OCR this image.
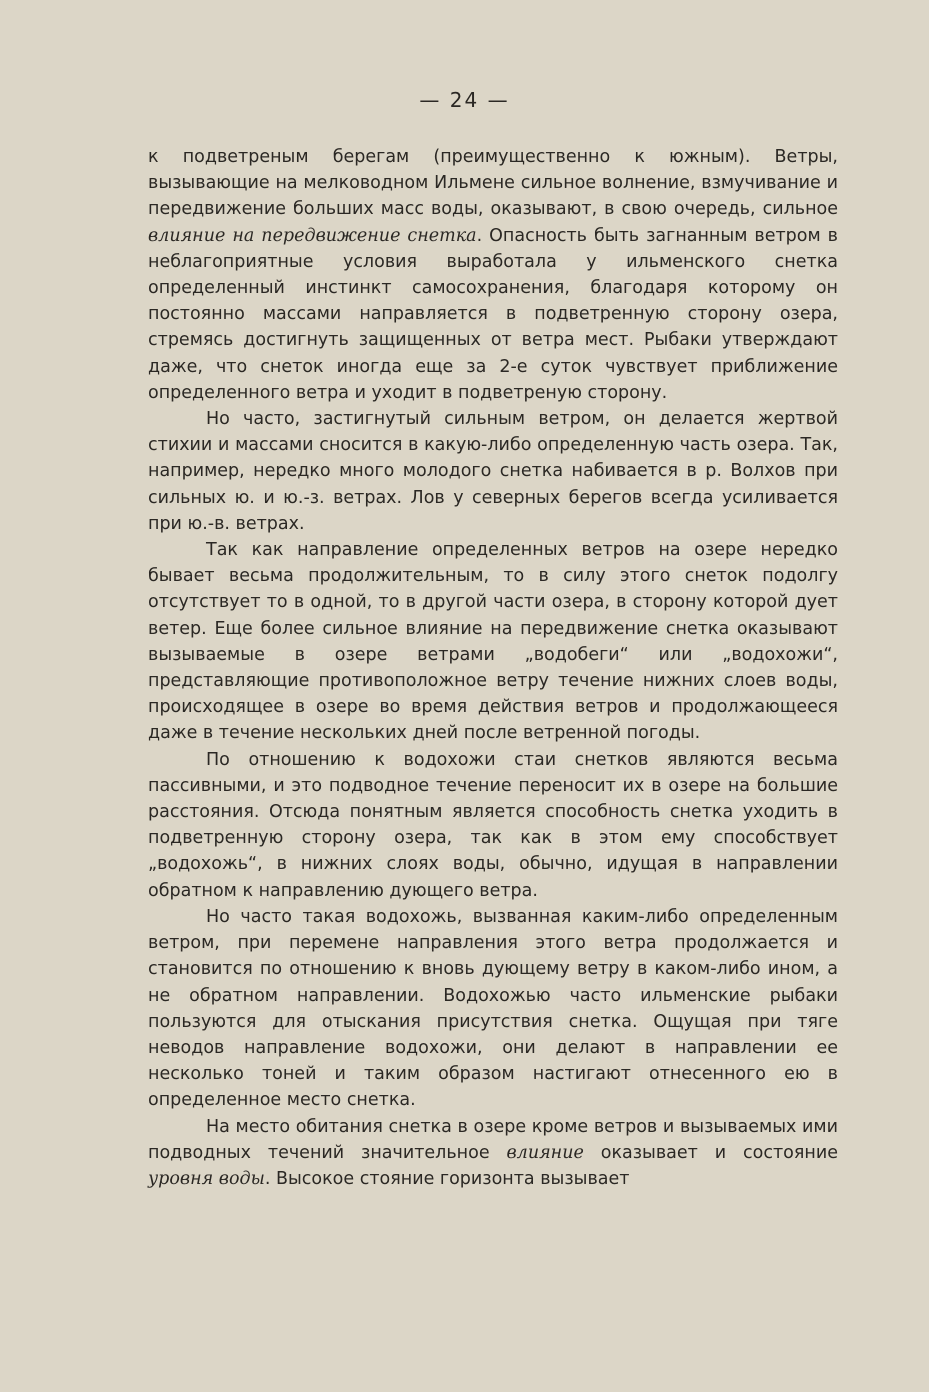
— 24 —

к подветреным берегам (преимущественно к южным). Ветры, вызывающие на мелководном Ильмене сильное волнение, взмучивание и передвижение больших масс воды, оказывают, в свою очередь, сильное влияние на передвижение снетка. Опасность быть загнанным ветром в неблагоприятные условия выработала у ильменского снетка определенный инстинкт самосохранения, благодаря которому он постоянно массами направляется в подветренную сторону озера, стремясь достигнуть защищенных от ветра мест. Рыбаки утверждают даже, что снеток иногда еще за 2-е суток чувствует приближение определенного ветра и уходит в подветреную сторону.

Но часто, застигнутый сильным ветром, он делается жертвой стихии и массами сносится в какую-либо определенную часть озера. Так, например, нередко много молодого снетка набивается в р. Волхов при сильных ю. и ю.-з. ветрах. Лов у северных берегов всегда усиливается при ю.-в. ветрах.

Так как направление определенных ветров на озере нередко бывает весьма продолжительным, то в силу этого снеток подолгу отсутствует то в одной, то в другой части озера, в сторону которой дует ветер. Еще более сильное влияние на передвижение снетка оказывают вызываемые в озере ветрами „водобеги“ или „водохожи“, представляющие противоположное ветру течение нижних слоев воды, происходящее в озере во время действия ветров и продолжающееся даже в течение нескольких дней после ветренной погоды.

По отношению к водохожи стаи снетков являются весьма пассивными, и это подводное течение переносит их в озере на большие расстояния. Отсюда понятным является способность снетка уходить в подветренную сторону озера, так как в этом ему способствует „водохожь“, в нижних слоях воды, обычно, идущая в направлении обратном к направлению дующего ветра.

Но часто такая водохожь, вызванная каким-либо определенным ветром, при перемене направления этого ветра продолжается и становится по отношению к вновь дующему ветру в каком-либо ином, а не обратном направлении. Водохожью часто ильменские рыбаки пользуются для отыскания присутствия снетка. Ощущая при тяге неводов направление водохожи, они делают в направлении ее несколько тоней и таким образом настигают отнесенного ею в определенное место снетка.

На место обитания снетка в озере кроме ветров и вызываемых ими подводных течений значительное влияние оказывает и состояние уровня воды. Высокое стояние горизонта вызывает
